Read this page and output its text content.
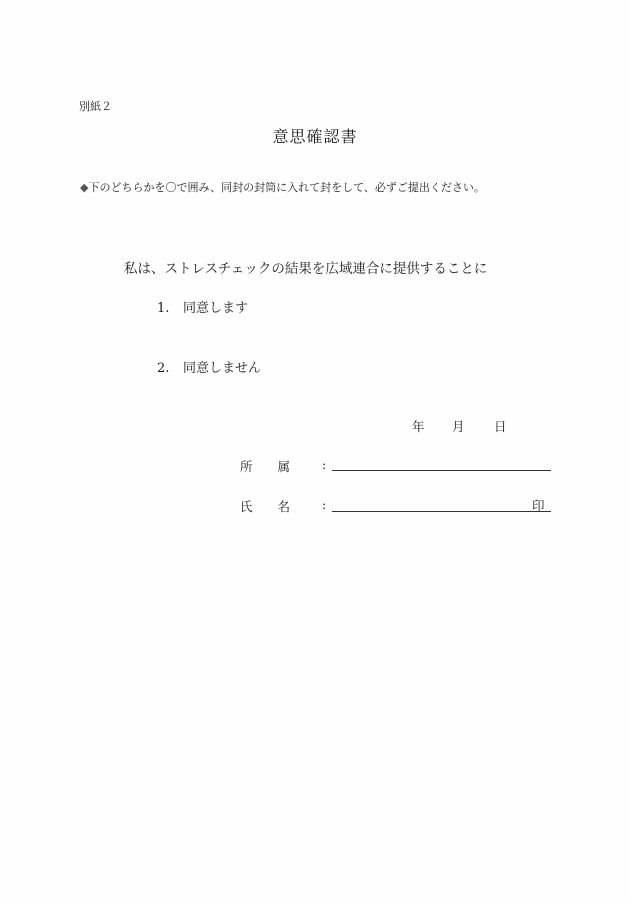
別紙２
意思確認書
◆下のどちらかを〇で囲み、同封の封筒に入れて封をして、必ずご提出ください。
私は、ストレスチェックの結果を広域連合に提供することに
1. 同意します
2. 同意しません
年 月 日
所属 :
氏名 :	印
